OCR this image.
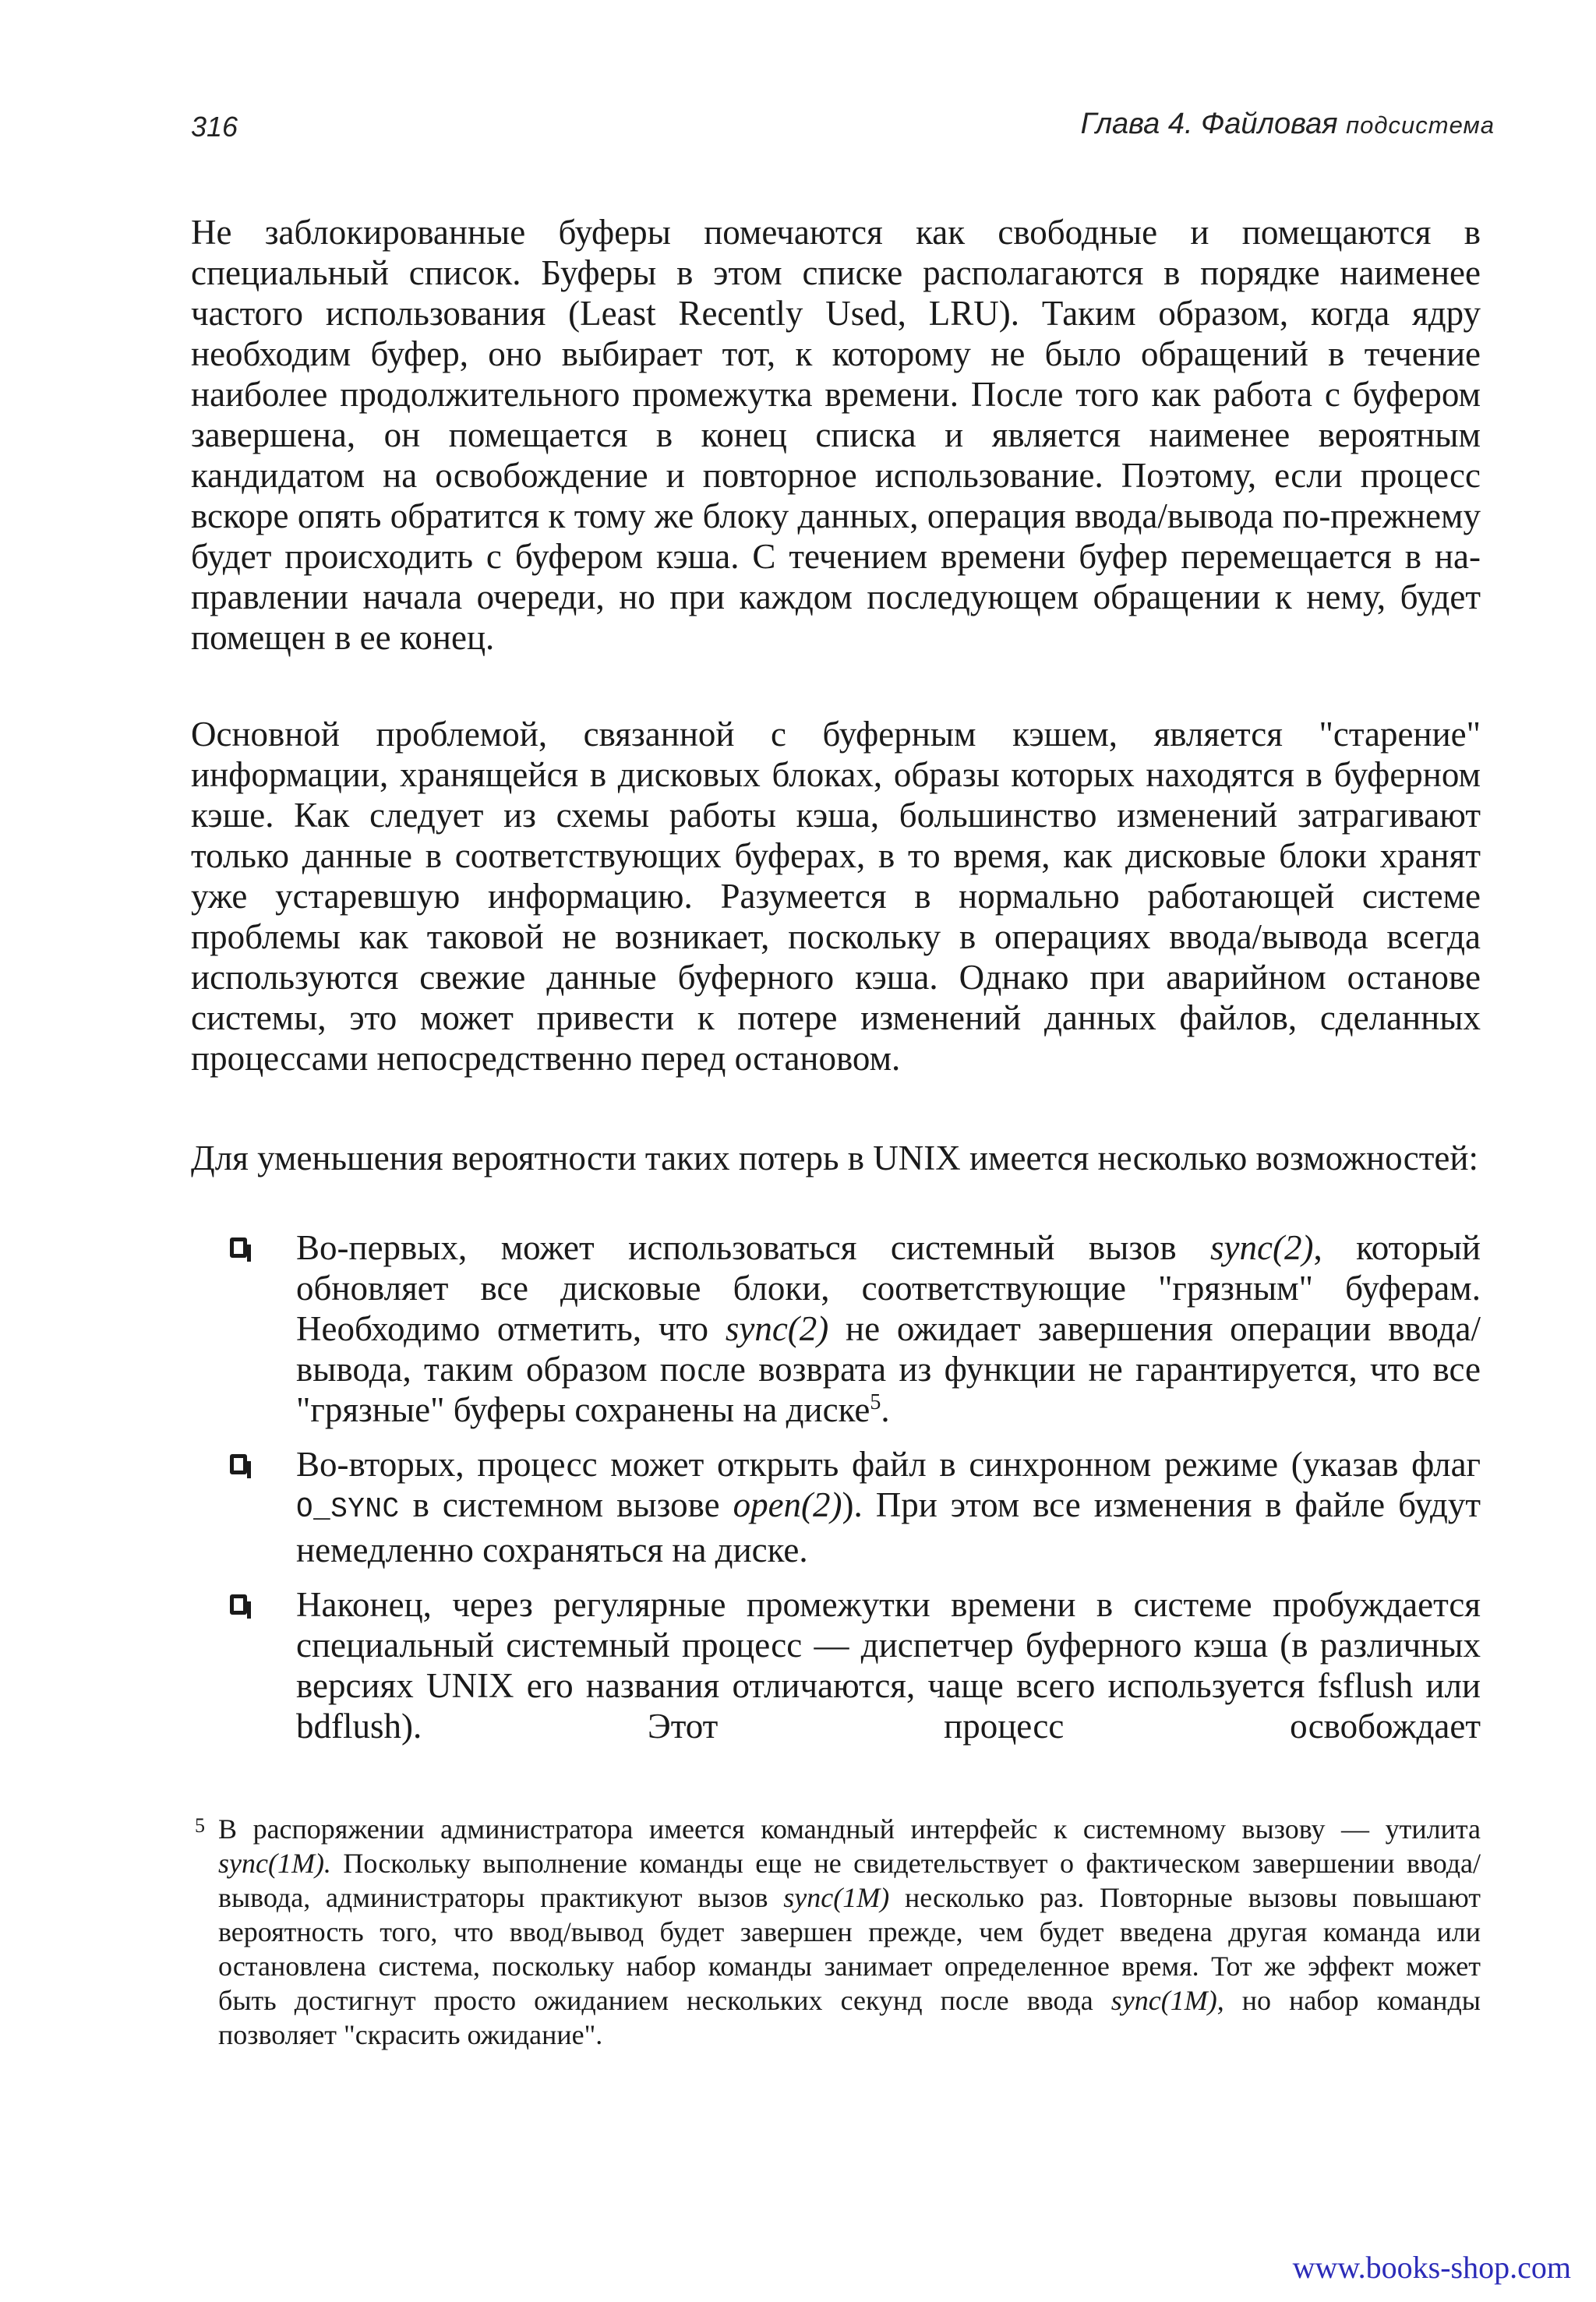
316	Глава 4. Файловая подсистема

Не заблокированные буферы помечаются как свободные и помещаются в специальный список. Буферы в этом списке располагаются в порядке наименее частого использования (Least Recently Used, LRU). Таким образом, когда ядру необходим буфер, оно выбирает тот, к которому не было обращений в течение наиболее продолжительного промежутка времени. После того как работа с буфером завершена, он помещается в конец списка и является наименее вероятным кандидатом на освобождение и повторное использование. Поэтому, если процесс вскоре опять обратится к тому же блоку данных, операция ввода/вывода по-прежнему будет происходить с буфером кэша. С течением времени буфер перемещается в направлении начала очереди, но при каждом последующем обращении к нему, будет помещен в ее конец.

Основной проблемой, связанной с буферным кэшем, является "старение" информации, хранящейся в дисковых блоках, образы которых находятся в буферном кэше. Как следует из схемы работы кэша, большинство изменений затрагивают только данные в соответствующих буферах, в то время, как дисковые блоки хранят уже устаревшую информацию. Разумеется в нормально работающей системе проблемы как таковой не возникает, поскольку в операциях ввода/вывода всегда используются свежие данные буферного кэша. Однако при аварийном останове системы, это может привести к потере изменений данных файлов, сделанных процессами непосредственно перед остановом.

Для уменьшения вероятности таких потерь в UNIX имеется несколько возможностей:

Во-первых, может использоваться системный вызов sync(2), который обновляет все дисковые блоки, соответствующие "грязным" буферам. Необходимо отметить, что sync(2) не ожидает завершения операции ввода/вывода, таким образом после возврата из функции не гарантируется, что все "грязные" буферы сохранены на диске$^5$.
Во-вторых, процесс может открыть файл в синхронном режиме (указав флаг O_SYNC в системном вызове open(2)). При этом все изменения в файле будут немедленно сохраняться на диске.
Наконец, через регулярные промежутки времени в системе пробуждается специальный системный процесс — диспетчер буферного кэша (в различных версиях UNIX его названия отличаются, чаще всего используется fsflush или bdflush). Этот процесс освобождает
5 В распоряжении администратора имеется командный интерфейс к системному вызову — утилита sync(1M). Поскольку выполнение команды еще не свидетельствует о фактическом завершении ввода/вывода, администраторы практикуют вызов sync(1M) несколько раз. Повторные вызовы повышают вероятность того, что ввод/вывод будет завершен прежде, чем будет введена другая команда или остановлена система, поскольку набор команды занимает определенное время. Тот же эффект может быть достигнут просто ожиданием нескольких секунд после ввода sync(1M), но набор команды позволяет "скрасить ожидание".
www.books-shop.com
